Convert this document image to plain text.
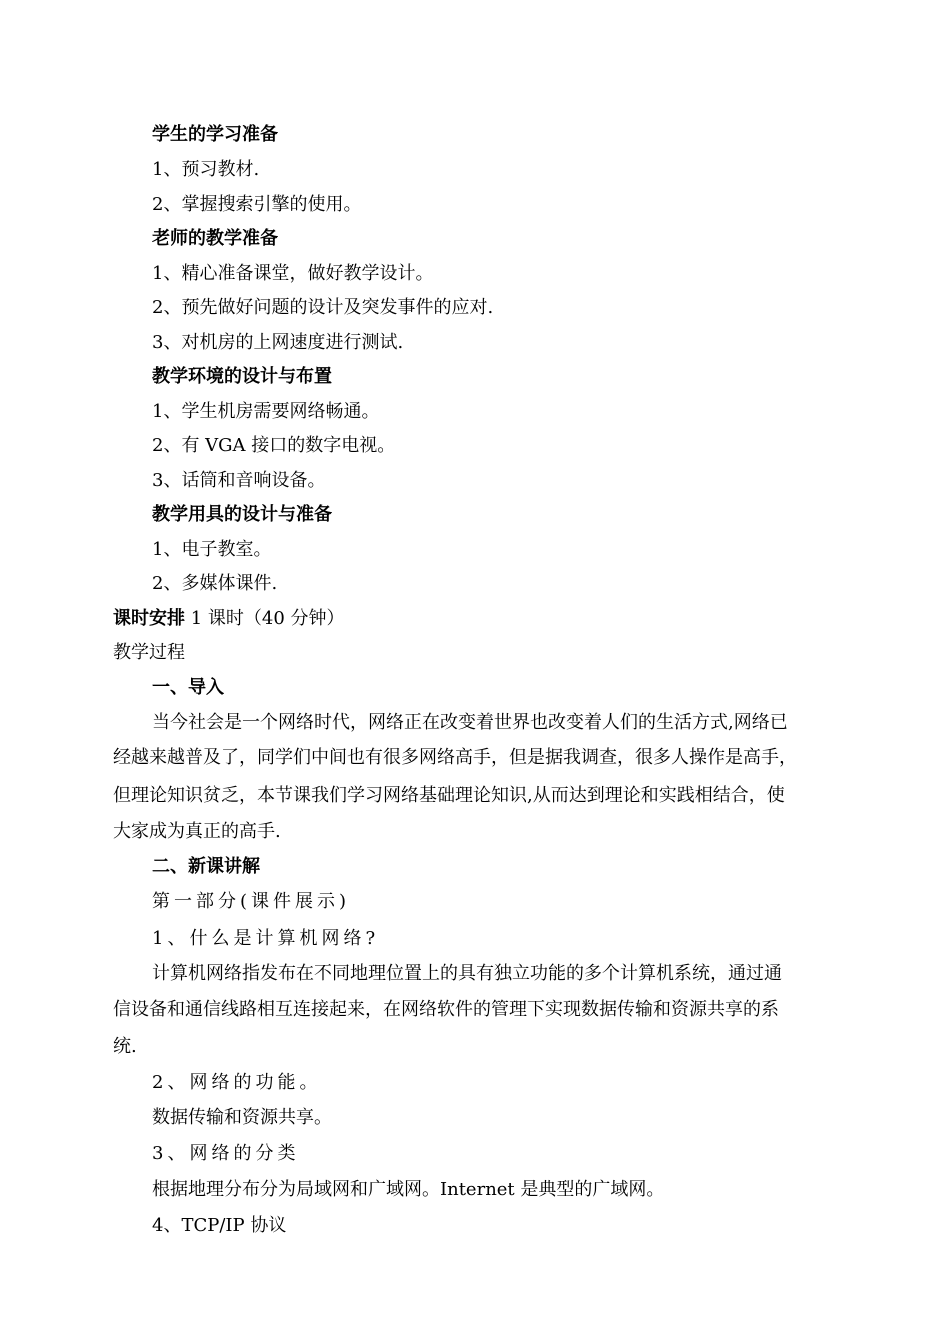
学生的学习准备
1、预习教材.
2、掌握搜索引擎的使用。
老师的教学准备
1、精心准备课堂，做好教学设计。
2、预先做好问题的设计及突发事件的应对.
3、对机房的上网速度进行测试.
教学环境的设计与布置
1、学生机房需要网络畅通。
2、有 VGA 接口的数字电视。
3、话筒和音响设备。
教学用具的设计与准备
1、电子教室。
2、多媒体课件.
课时安排 1 课时（40 分钟）
教学过程
一、导入
当今社会是一个网络时代，网络正在改变着世界也改变着人们的生活方式,网络已
经越来越普及了，同学们中间也有很多网络高手，但是据我调查，很多人操作是高手，
但理论知识贫乏，本节课我们学习网络基础理论知识,从而达到理论和实践相结合，使
大家成为真正的高手.
二、新课讲解
第一部分(课件展示)
1、什么是计算机网络?
计算机网络指发布在不同地理位置上的具有独立功能的多个计算机系统，通过通
信设备和通信线路相互连接起来，在网络软件的管理下实现数据传输和资源共享的系
统.
2、网络的功能。
数据传输和资源共享。
3、网络的分类
根据地理分布分为局域网和广域网。Internet 是典型的广域网。
4、TCP/IP 协议
